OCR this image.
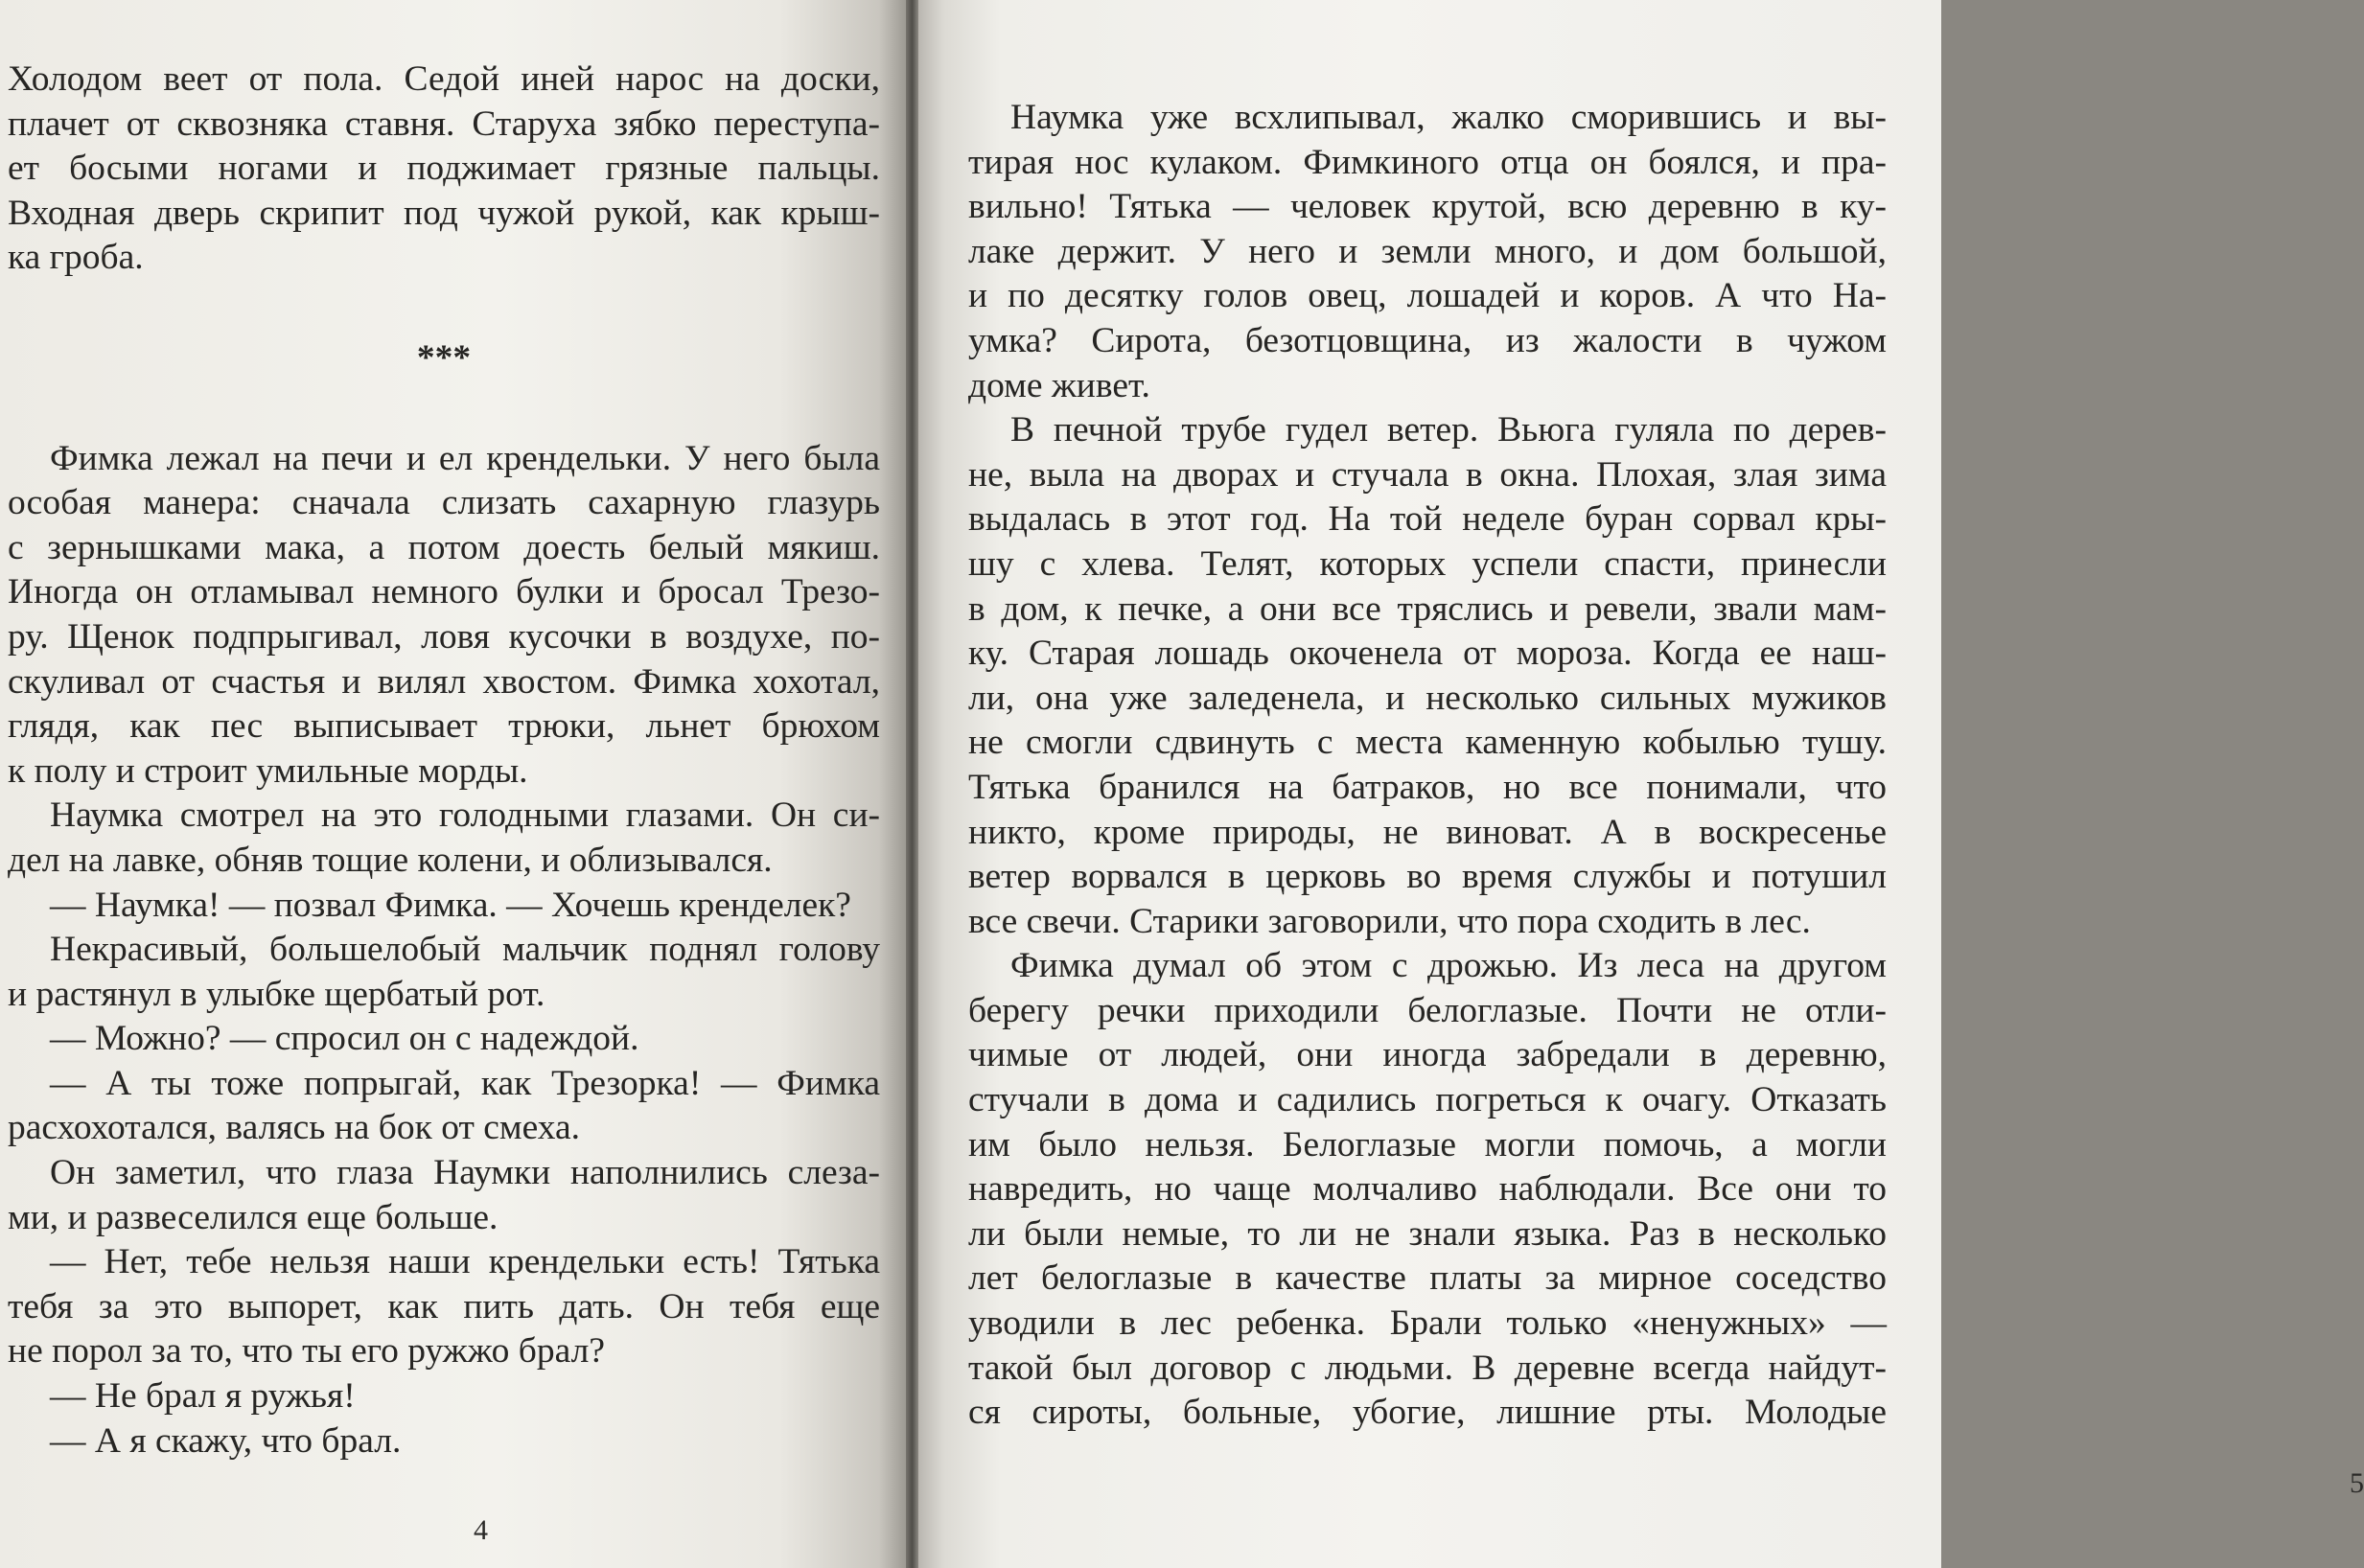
Холодом веет от пола. Седой иней нарос на доски,
плачет от сквозняка ставня. Старуха зябко переступа-
ет босыми ногами и поджимает грязные пальцы.
Входная дверь скрипит под чужой рукой, как крыш-
ка гроба.
***
Фимка лежал на печи и ел крендельки. У него была
особая манера: сначала слизать сахарную глазурь
с зернышками мака, а потом доесть белый мякиш.
Иногда он отламывал немного булки и бросал Трезо-
ру. Щенок подпрыгивал, ловя кусочки в воздухе, по-
скуливал от счастья и вилял хвостом. Фимка хохотал,
глядя, как пес выписывает трюки, льнет брюхом
к полу и строит умильные морды.
Наумка смотрел на это голодными глазами. Он си-
дел на лавке, обняв тощие колени, и облизывался.
— Наумка! — позвал Фимка. — Хочешь кренделек?
Некрасивый, большелобый мальчик поднял голову
и растянул в улыбке щербатый рот.
— Можно? — спросил он с надеждой.
— А ты тоже попрыгай, как Трезорка! — Фимка
расхохотался, валясь на бок от смеха.
Он заметил, что глаза Наумки наполнились слеза-
ми, и развеселился еще больше.
— Нет, тебе нельзя наши крендельки есть! Тятька
тебя за это выпорет, как пить дать. Он тебя еще
не порол за то, что ты его ружжо брал?
— Не брал я ружья!
— А я скажу, что брал.
4
Наумка уже всхлипывал, жалко сморившись и вы-
тирая нос кулаком. Фимкиного отца он боялся, и пра-
вильно! Тятька — человек крутой, всю деревню в ку-
лаке держит. У него и земли много, и дом большой,
и по десятку голов овец, лошадей и коров. А что На-
умка? Сирота, безотцовщина, из жалости в чужом
доме живет.
В печной трубе гудел ветер. Вьюга гуляла по дерев-
не, выла на дворах и стучала в окна. Плохая, злая зима
выдалась в этот год. На той неделе буран сорвал кры-
шу с хлева. Телят, которых успели спасти, принесли
в дом, к печке, а они все тряслись и ревели, звали мам-
ку. Старая лошадь окоченела от мороза. Когда ее наш-
ли, она уже заледенела, и несколько сильных мужиков
не смогли сдвинуть с места каменную кобылью тушу.
Тятька бранился на батраков, но все понимали, что
никто, кроме природы, не виноват. А в воскресенье
ветер ворвался в церковь во время службы и потушил
все свечи. Старики заговорили, что пора сходить в лес.
Фимка думал об этом с дрожью. Из леса на другом
берегу речки приходили белоглазые. Почти не отли-
чимые от людей, они иногда забредали в деревню,
стучали в дома и садились погреться к очагу. Отказать
им было нельзя. Белоглазые могли помочь, а могли
навредить, но чаще молчаливо наблюдали. Все они то
ли были немые, то ли не знали языка. Раз в несколько
лет белоглазые в качестве платы за мирное соседство
уводили в лес ребенка. Брали только «ненужных» —
такой был договор с людьми. В деревне всегда найдут-
ся сироты, больные, убогие, лишние рты. Молодые
5
